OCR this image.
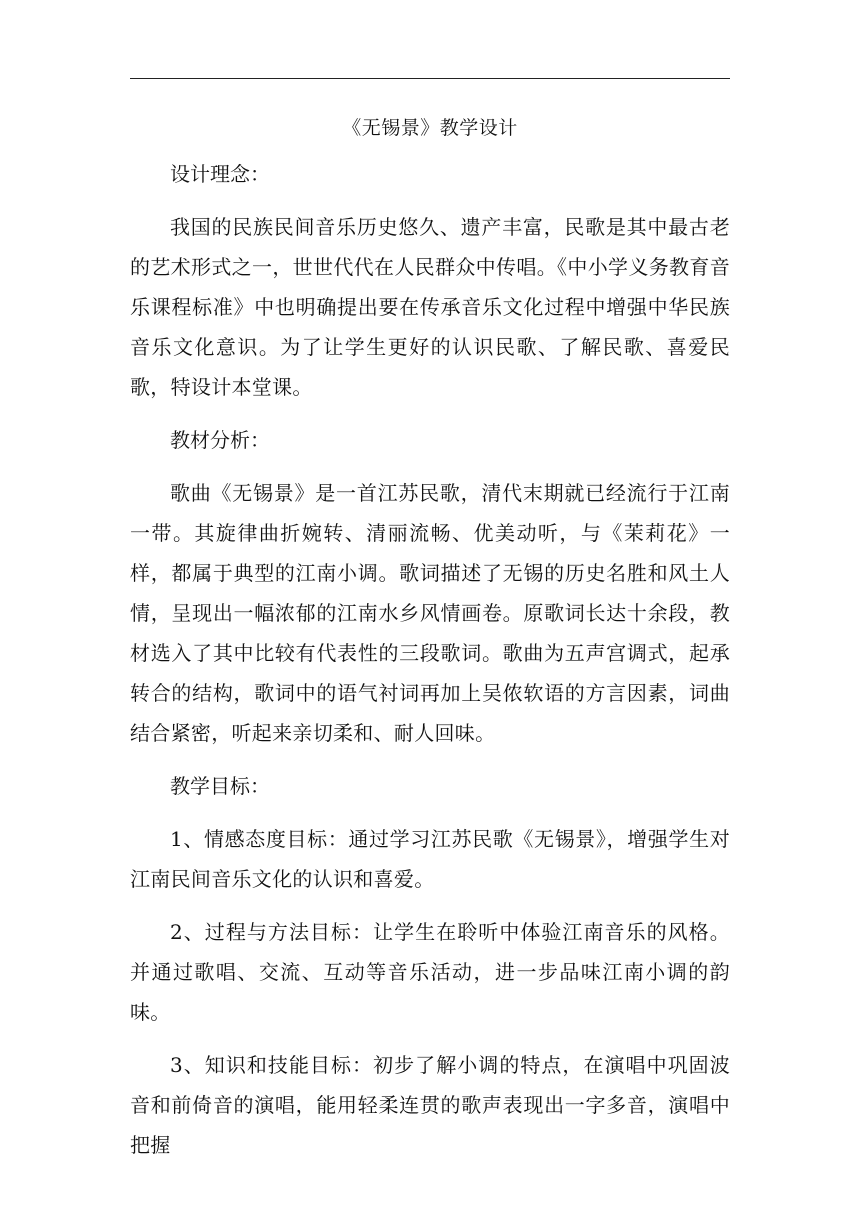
《无锡景》教学设计
设计理念：

我国的民族民间音乐历史悠久、遗产丰富，民歌是其中最古老的艺术形式之一，世世代代在人民群众中传唱。《中小学义务教育音乐课程标准》中也明确提出要在传承音乐文化过程中增强中华民族音乐文化意识。为了让学生更好的认识民歌、了解民歌、喜爱民歌，特设计本堂课。

教材分析：

歌曲《无锡景》是一首江苏民歌，清代末期就已经流行于江南一带。其旋律曲折婉转、清丽流畅、优美动听，与《茉莉花》一样，都属于典型的江南小调。歌词描述了无锡的历史名胜和风土人情，呈现出一幅浓郁的江南水乡风情画卷。原歌词长达十余段，教材选入了其中比较有代表性的三段歌词。歌曲为五声宫调式，起承转合的结构，歌词中的语气衬词再加上吴侬软语的方言因素，词曲结合紧密，听起来亲切柔和、耐人回味。

教学目标：

1、情感态度目标：通过学习江苏民歌《无锡景》，增强学生对江南民间音乐文化的认识和喜爱。

2、过程与方法目标：让学生在聆听中体验江南音乐的风格。并通过歌唱、交流、互动等音乐活动，进一步品味江南小调的韵味。

3、知识和技能目标：初步了解小调的特点，在演唱中巩固波音和前倚音的演唱，能用轻柔连贯的歌声表现出一字多音，演唱中把握
